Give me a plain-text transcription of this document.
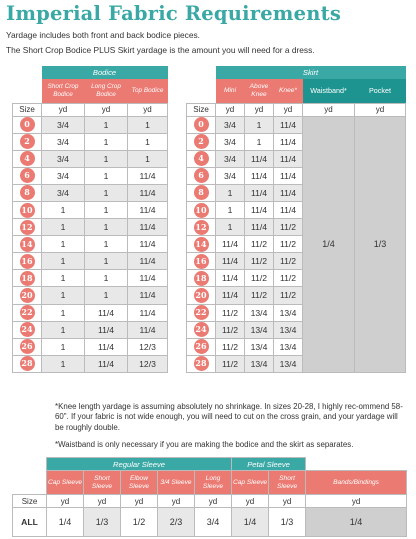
Imperial Fabric Requirements
Yardage includes both front and back bodice pieces.
The Short Crop Bodice PLUS Skirt yardage is the amount you will need for a dress.
	Bodice		
	Short Crop Bodice	Long Crop Bodice	Top Bodice
Size	yd	yd	yd
0	3/4	1	1
2	3/4	1	1
4	3/4	1	1
6	3/4	1	11/4
8	3/4	1	11/4
10	1	1	11/4
12	1	1	11/4
14	1	1	11/4
16	1	1	11/4
18	1	1	11/4
20	1	1	11/4
22	1	11/4	11/4
24	1	11/4	11/4
26	1	11/4	12/3
28	1	11/4	12/3
	Skirt				
	Mini	Above Knee	Knee*	Waistband*	Pocket
Size	yd	yd	yd	yd	yd
0	3/4	1	11/4	1/4	1/3
2	3/4	1	11/4		
4	3/4	11/4	11/4		
6	3/4	11/4	11/4		
8	1	11/4	11/4		
10	1	11/4	11/4		
12	1	11/4	11/2		
14	11/4	11/2	11/2		
16	11/4	11/2	11/2		
18	11/4	11/2	11/2		
20	11/4	11/2	11/2		
22	11/2	13/4	13/4		
24	11/2	13/4	13/4		
26	11/2	13/4	13/4		
28	11/2	13/4	13/4		
*Knee length yardage is assuming absolutely no shrinkage. In sizes 20-28, I highly rec-ommend 58-60". If your fabric is not wide enough, you will need to cut on the cross grain, and your yardage will be roughly double.
*Waistband is only necessary if you are making the bodice and the skirt as separates.
	Regular Sleeve					Petal Sleeve		
	Cap Sleeve	Short Sleeve	Elbow Sleeve	3/4 Sleeve	Long Sleeve	Cap Sleeve	Short Sleeve	Bands/Bindings
Size	yd	yd	yd	yd	yd	yd	yd	yd
ALL	1/4	1/3	1/2	2/3	3/4	1/4	1/3	1/4
